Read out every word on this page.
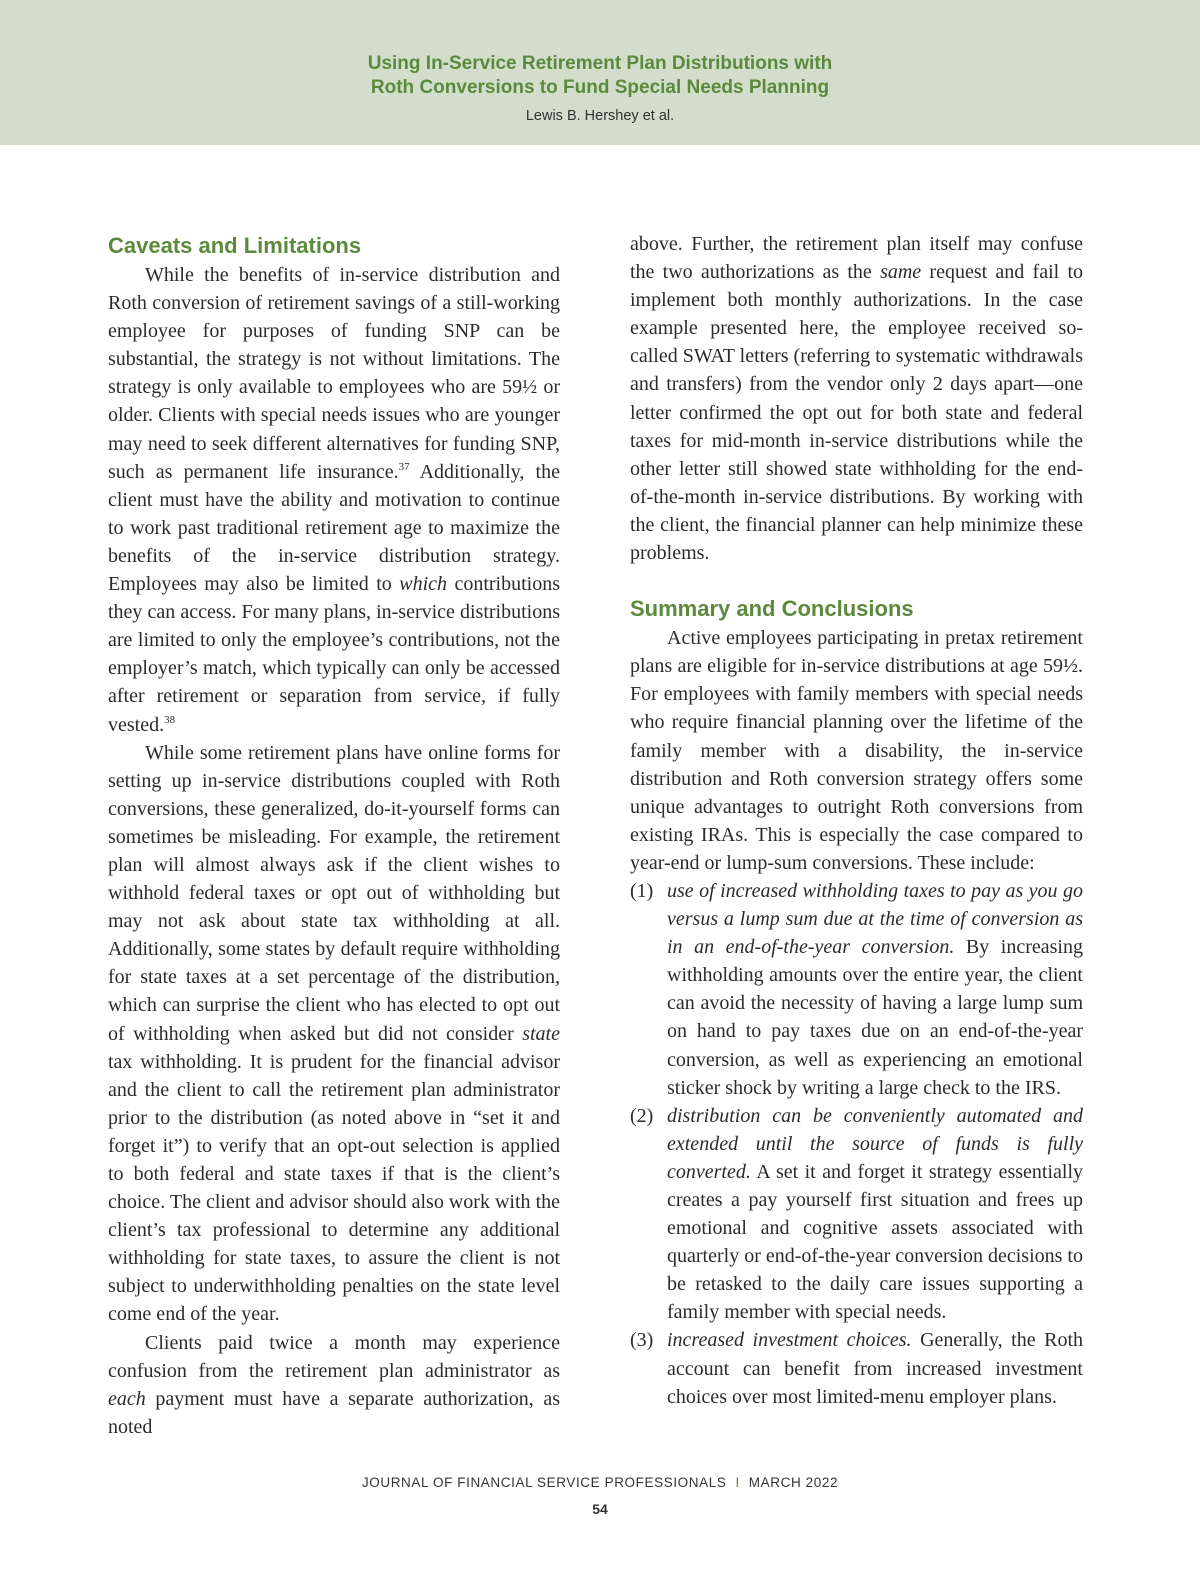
Using In-Service Retirement Plan Distributions with
Roth Conversions to Fund Special Needs Planning
Lewis B. Hershey et al.
Caveats and Limitations

While the benefits of in-service distribution and Roth conversion of retirement savings of a still-working employee for purposes of funding SNP can be substantial, the strategy is not without limitations. The strategy is only available to employees who are 59½ or older. Clients with special needs issues who are younger may need to seek different alternatives for funding SNP, such as permanent life insurance.$^{37}$ Additionally, the client must have the ability and motivation to continue to work past traditional retirement age to maximize the benefits of the in-service distribution strategy. Employees may also be limited to which contributions they can access. For many plans, in-service distributions are limited to only the employee’s contributions, not the employer’s match, which typically can only be accessed after retirement or separation from service, if fully vested.$^{38}$

While some retirement plans have online forms for setting up in-service distributions coupled with Roth conversions, these generalized, do-it-yourself forms can sometimes be misleading. For example, the retirement plan will almost always ask if the client wishes to withhold federal taxes or opt out of withholding but may not ask about state tax withholding at all. Additionally, some states by default require withholding for state taxes at a set percentage of the distribution, which can surprise the client who has elected to opt out of withholding when asked but did not consider state tax withholding. It is prudent for the financial advisor and the client to call the retirement plan administrator prior to the distribution (as noted above in “set it and forget it”) to verify that an opt-out selection is applied to both federal and state taxes if that is the client’s choice. The client and advisor should also work with the client’s tax professional to determine any additional withholding for state taxes, to assure the client is not subject to underwithholding penalties on the state level come end of the year.

Clients paid twice a month may experience confusion from the retirement plan administrator as each payment must have a separate authorization, as noted

above. Further, the retirement plan itself may confuse the two authorizations as the same request and fail to implement both monthly authorizations. In the case example presented here, the employee received so-called SWAT letters (referring to systematic withdrawals and transfers) from the vendor only 2 days apart—one letter confirmed the opt out for both state and federal taxes for mid-month in-service distributions while the other letter still showed state withholding for the end-of-the-month in-service distributions. By working with the client, the financial planner can help minimize these problems.

Summary and Conclusions

Active employees participating in pretax retirement plans are eligible for in-service distributions at age 59½. For employees with family members with special needs who require financial planning over the lifetime of the family member with a disability, the in-service distribution and Roth conversion strategy offers some unique advantages to outright Roth conversions from existing IRAs. This is especially the case compared to year-end or lump-sum conversions. These include:

(1) use of increased withholding taxes to pay as you go versus a lump sum due at the time of conversion as in an end-of-the-year conversion. By increasing withholding amounts over the entire year, the client can avoid the necessity of having a large lump sum on hand to pay taxes due on an end-of-the-year conversion, as well as experiencing an emotional sticker shock by writing a large check to the IRS.
(2) distribution can be conveniently automated and extended until the source of funds is fully converted. A set it and forget it strategy essentially creates a pay yourself first situation and frees up emotional and cognitive assets associated with quarterly or end-of-the-year conversion decisions to be retasked to the daily care issues supporting a family member with special needs.
(3) increased investment choices. Generally, the Roth account can benefit from increased investment choices over most limited-menu employer plans.
JOURNAL OF FINANCIAL SERVICE PROFESSIONALS I MARCH 2022
54
